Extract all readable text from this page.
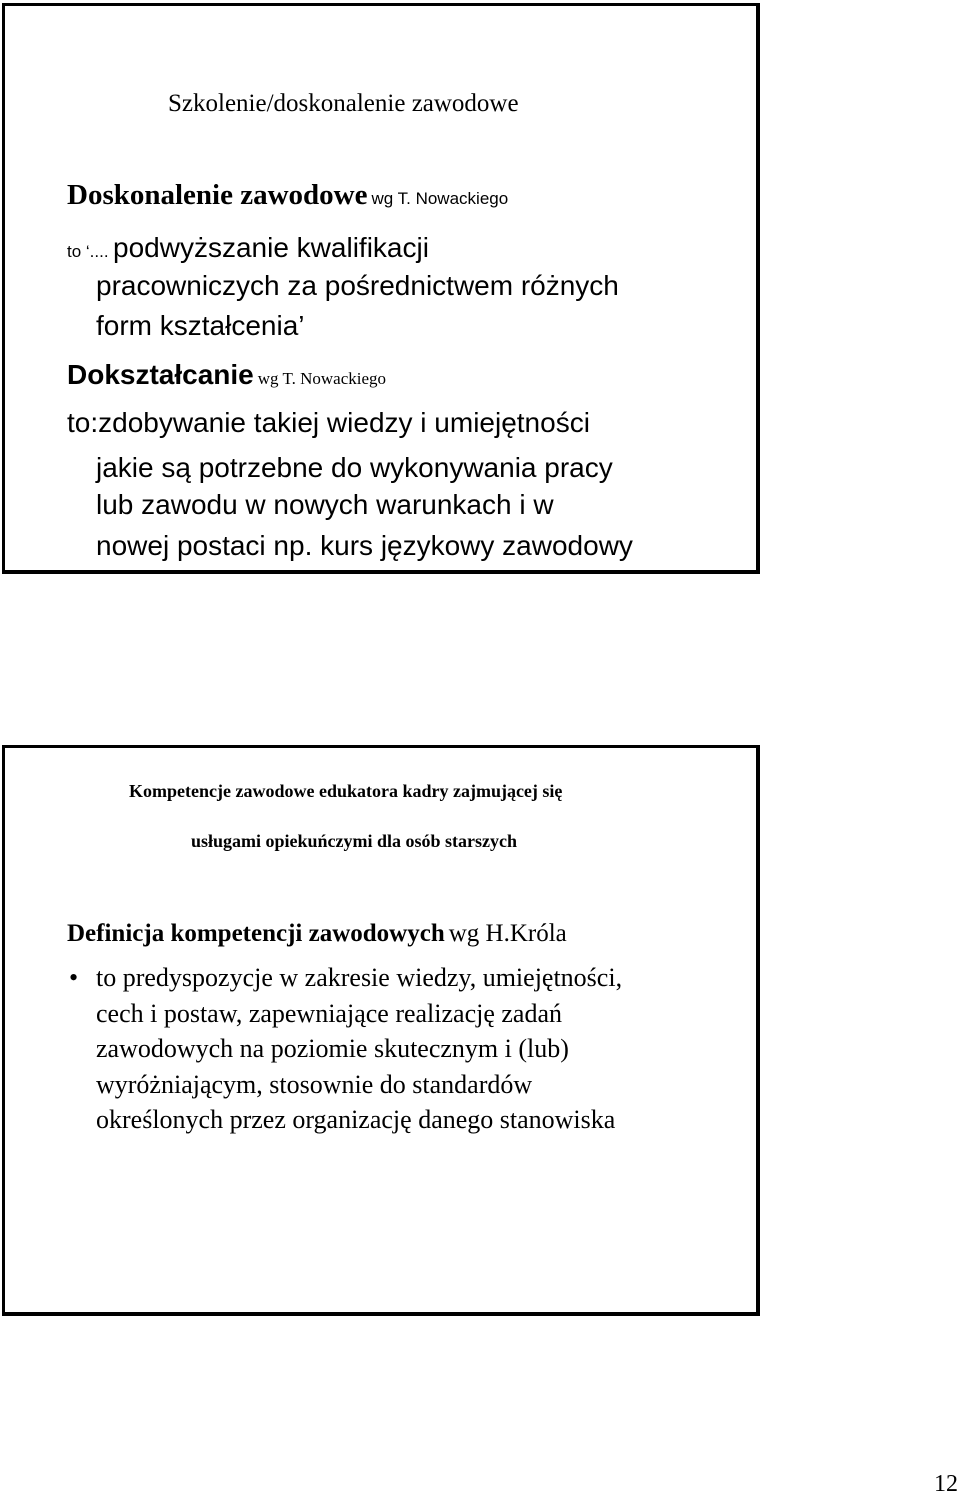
Szkolenie/doskonalenie zawodowe
Doskonalenie zawodowe wg T. Nowackiego
to ‘.... podwyższanie kwalifikacji
pracowniczych za pośrednictwem różnych
form kształcenia’
Dokształcanie wg T. Nowackiego
to:zdobywanie takiej wiedzy i umiejętności
jakie są potrzebne do wykonywania pracy
lub zawodu w nowych warunkach i w
nowej postaci np. kurs językowy zawodowy
Kompetencje zawodowe edukatora kadry zajmującej się
usługami opiekuńczymi dla osób starszych
Definicja kompetencji zawodowych wg H.Króla
• to predyspozycje w zakresie wiedzy, umiejętności,
cech i postaw, zapewniające realizację zadań
zawodowych na poziomie skutecznym i (lub)
wyróżniającym, stosownie do standardów
określonych przez organizację danego stanowiska
12
